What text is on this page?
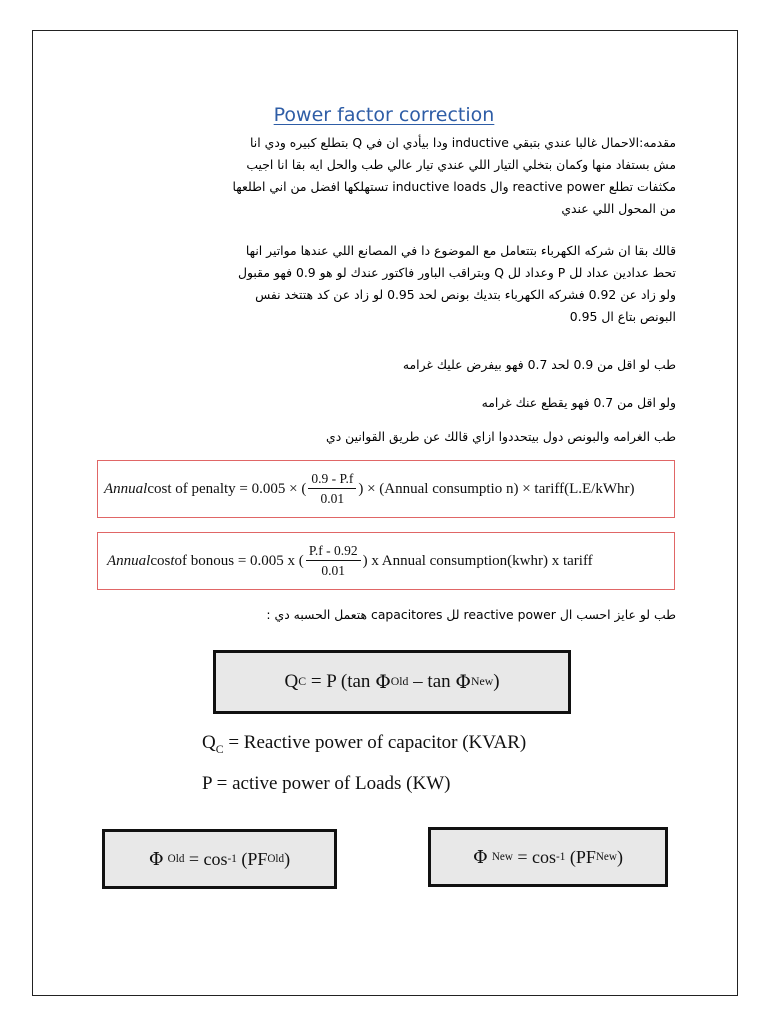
Power factor correction
مقدمه:الاحمال غالبا عندي بتبقي inductive ودا بيأدي ان في Q بتطلع كبيره ودي انا
مش بستفاد منها وكمان بتخلي التيار اللي عندي تيار عالي طب والحل ايه بقا انا اجيب
مكثفات تطلع reactive power وال inductive loads تستهلكها افضل من اني اطلعها
من المحول اللي عندي
قالك بقا ان شركه الكهرباء بتتعامل مع الموضوع دا في المصانع اللي عندها مواتير انها
تحط عدادين عداد لل P وعداد لل Q وبتراقب الباور فاكتور عندك لو هو 0.9 فهو مقبول
ولو زاد عن 0.92 فشركه الكهرباء بتديك بونص لحد 0.95 لو زاد عن كد هتتخد نفس
البونص بتاع ال 0.95
طب لو اقل من 0.9 لحد 0.7 فهو بيفرض عليك غرامه
ولو اقل من 0.7 فهو يقطع عنك غرامه
طب الغرامه والبونص دول بيتحددوا ازاي قالك عن طريق القوانين دي
Annual cost of penalty = 0.005 × ( $\frac{0.9 - P.f}{0.01}$ ) × (Annual consumptio n) × tariff(L.E/kWhr)
Annual cos t of bonous = 0.005 x ( $\frac{P.f - 0.92}{0.01}$ ) x Annual consumption(kwhr) x tariff
طب لو عايز احسب ال reactive power لل capacitores هتعمل الحسبه دي :
Q C = P (tan Φ Old – tan Φ New )
$Q_C$ = Reactive power of capacitor (KVAR)
P = active power of Loads (KW)
Φ Old = cos -1 (PF Old )	Φ New = cos -1 (PF New )
